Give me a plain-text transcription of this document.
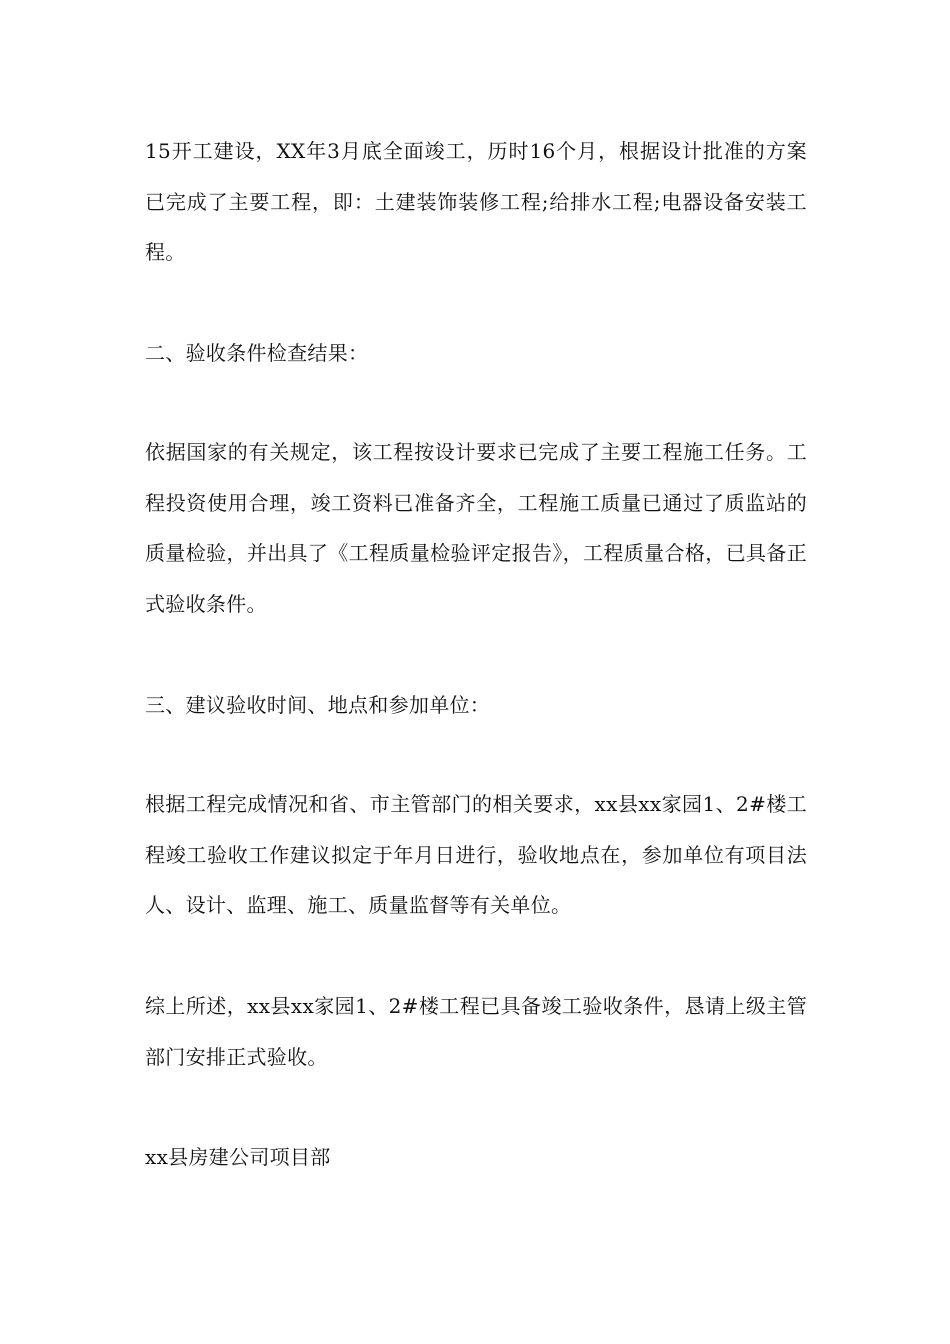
15开工建设，XX年3月底全面竣工，历时16个月，根据设计批准的方案已完成了主要工程，即：土建装饰装修工程;给排水工程;电器设备安装工程。

二、验收条件检查结果：

依据国家的有关规定，该工程按设计要求已完成了主要工程施工任务。工程投资使用合理，竣工资料已准备齐全，工程施工质量已通过了质监站的质量检验，并出具了《工程质量检验评定报告》，工程质量合格，已具备正式验收条件。

三、建议验收时间、地点和参加单位：

根据工程完成情况和省、市主管部门的相关要求，xx县xx家园1、2#楼工程竣工验收工作建议拟定于年月日进行，验收地点在，参加单位有项目法人、设计、监理、施工、质量监督等有关单位。

综上所述，xx县xx家园1、2#楼工程已具备竣工验收条件，恳请上级主管部门安排正式验收。

xx县房建公司项目部
